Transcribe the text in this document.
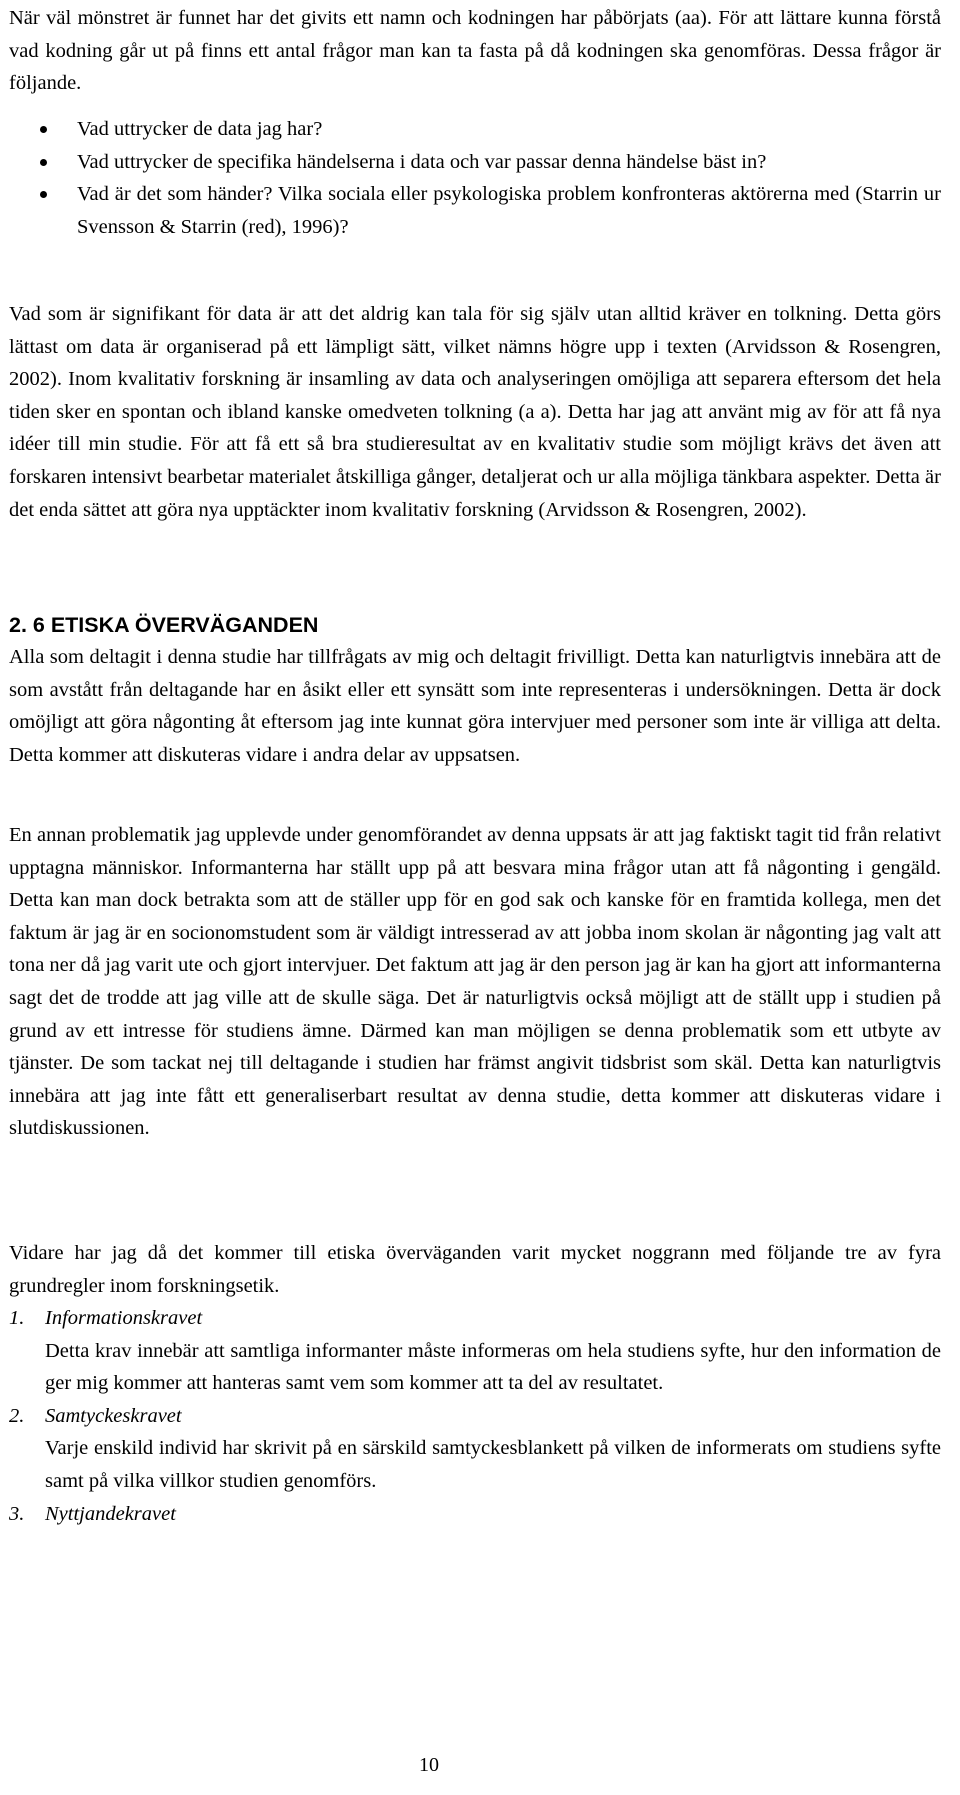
När väl mönstret är funnet har det givits ett namn och kodningen har påbörjats (aa). För att lättare kunna förstå vad kodning går ut på finns ett antal frågor man kan ta fasta på då kodningen ska genomföras. Dessa frågor är följande.

Vad uttrycker de data jag har?
Vad uttrycker de specifika händelserna i data och var passar denna händelse bäst in?
Vad är det som händer? Vilka sociala eller psykologiska problem konfronteras aktörerna med (Starrin ur Svensson & Starrin (red), 1996)?

Vad som är signifikant för data är att det aldrig kan tala för sig själv utan alltid kräver en tolkning. Detta görs lättast om data är organiserad på ett lämpligt sätt, vilket nämns högre upp i texten (Arvidsson & Rosengren, 2002). Inom kvalitativ forskning är insamling av data och analyseringen omöjliga att separera eftersom det hela tiden sker en spontan och ibland kanske omedveten tolkning (a a). Detta har jag att använt mig av för att få nya idéer till min studie. För att få ett så bra studieresultat av en kvalitativ studie som möjligt krävs det även att forskaren intensivt bearbetar materialet åtskilliga gånger, detaljerat och ur alla möjliga tänkbara aspekter. Detta är det enda sättet att göra nya upptäckter inom kvalitativ forskning (Arvidsson & Rosengren, 2002).

2. 6 ETISKA ÖVERVÄGANDEN

Alla som deltagit i denna studie har tillfrågats av mig och deltagit frivilligt. Detta kan naturligtvis innebära att de som avstått från deltagande har en åsikt eller ett synsätt som inte representeras i undersökningen. Detta är dock omöjligt att göra någonting åt eftersom jag inte kunnat göra intervjuer med personer som inte är villiga att delta. Detta kommer att diskuteras vidare i andra delar av uppsatsen.

En annan problematik jag upplevde under genomförandet av denna uppsats är att jag faktiskt tagit tid från relativt upptagna människor. Informanterna har ställt upp på att besvara mina frågor utan att få någonting i gengäld. Detta kan man dock betrakta som att de ställer upp för en god sak och kanske för en framtida kollega, men det faktum är jag är en socionomstudent som är väldigt intresserad av att jobba inom skolan är någonting jag valt att tona ner då jag varit ute och gjort intervjuer. Det faktum att jag är den person jag är kan ha gjort att informanterna sagt det de trodde att jag ville att de skulle säga. Det är naturligtvis också möjligt att de ställt upp i studien på grund av ett intresse för studiens ämne. Därmed kan man möjligen se denna problematik som ett utbyte av tjänster. De som tackat nej till deltagande i studien har främst angivit tidsbrist som skäl. Detta kan naturligtvis innebära att jag inte fått ett generaliserbart resultat av denna studie, detta kommer att diskuteras vidare i slutdiskussionen.

Vidare har jag då det kommer till etiska överväganden varit mycket noggrann med följande tre av fyra grundregler inom forskningsetik.

1. Informationskravet
Detta krav innebär att samtliga informanter måste informeras om hela studiens syfte, hur den information de ger mig kommer att hanteras samt vem som kommer att ta del av resultatet.
2. Samtyckeskravet
Varje enskild individ har skrivit på en särskild samtyckesblankett på vilken de informerats om studiens syfte samt på vilka villkor studien genomförs.
3. Nyttjandekravet
10
